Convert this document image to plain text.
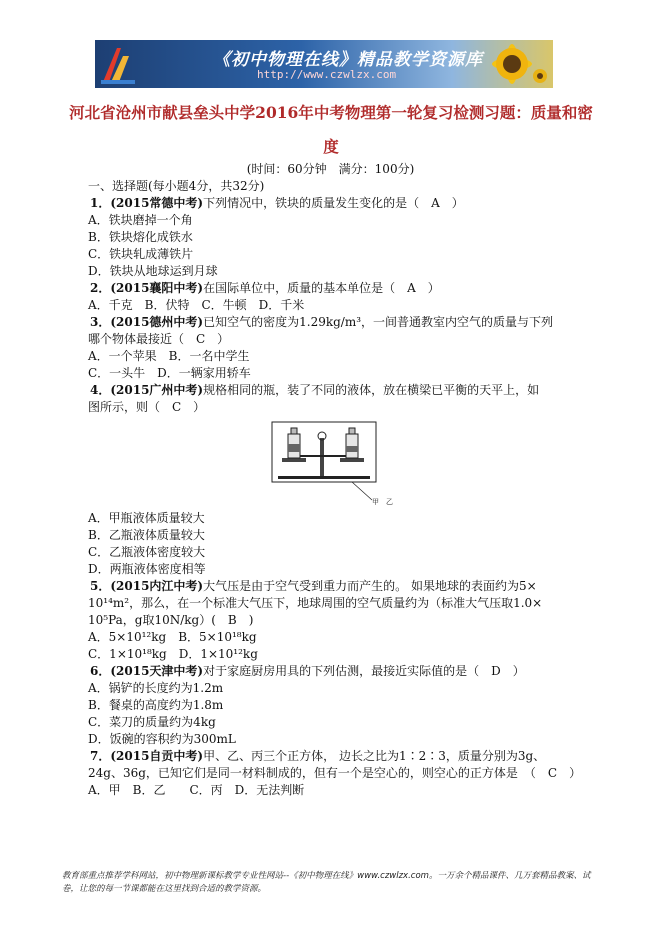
《初中物理在线》精品教学资源库
http://www.czwlzx.com
河北省沧州市献县垒头中学2016年中考物理第一轮复习检测习题：质量和密度
(时间：60分钟　满分：100分)
一、选择题(每小题4分，共32分)
1．(2015常德中考)下列情况中，铁块的质量发生变化的是（　A　）
A．铁块磨掉一个角
B．铁块熔化成铁水
C．铁块轧成薄铁片
D．铁块从地球运到月球
2．(2015襄阳中考)在国际单位中，质量的基本单位是（　A　）
A．千克　B．伏特　C．牛顿　D．千米
3．(2015德州中考)已知空气的密度为1.29kg/m³，一间普通教室内空气的质量与下列
哪个物体最接近（　C　）
A．一个苹果　B．一名中学生
C．一头牛　D．一辆家用轿车
4．(2015广州中考)规格相同的瓶，装了不同的液体，放在横梁已平衡的天平上，如
图所示，则（　C　）
甲　乙
A．甲瓶液体质量较大
B．乙瓶液体质量较大
C．乙瓶液体密度较大
D．两瓶液体密度相等
5．(2015内江中考)大气压是由于空气受到重力而产生的。 如果地球的表面约为5×
10¹⁴m²，那么，在一个标准大气压下，地球周围的空气质量约为（标准大气压取1.0×
10⁵Pa，g取10N/kg）(　B　)
A．5×10¹²kg　B．5×10¹⁸kg
C．1×10¹⁸kg　D．1×10¹²kg
6．(2015天津中考)对于家庭厨房用具的下列估测，最接近实际值的是（　D　）
A．锅铲的长度约为1.2m
B．餐桌的高度约为1.8m
C．菜刀的质量约为4kg
D．饭碗的容积约为300mL
7．(2015自贡中考)甲、乙、丙三个正方体， 边长之比为1∶2∶3，质量分别为3g、
24g、36g，已知它们是同一材料制成的，但有一个是空心的，则空心的正方体是　（　C　）
A．甲　B．乙　　C．丙　D．无法判断
教育部重点推荐学科网站，初中物理新课标教学专业性网站--《初中物理在线》www.czwlzx.com。一万余个精品课件、几万套精品教案、试卷，让您的每一节课都能在这里找到合适的教学资源。
